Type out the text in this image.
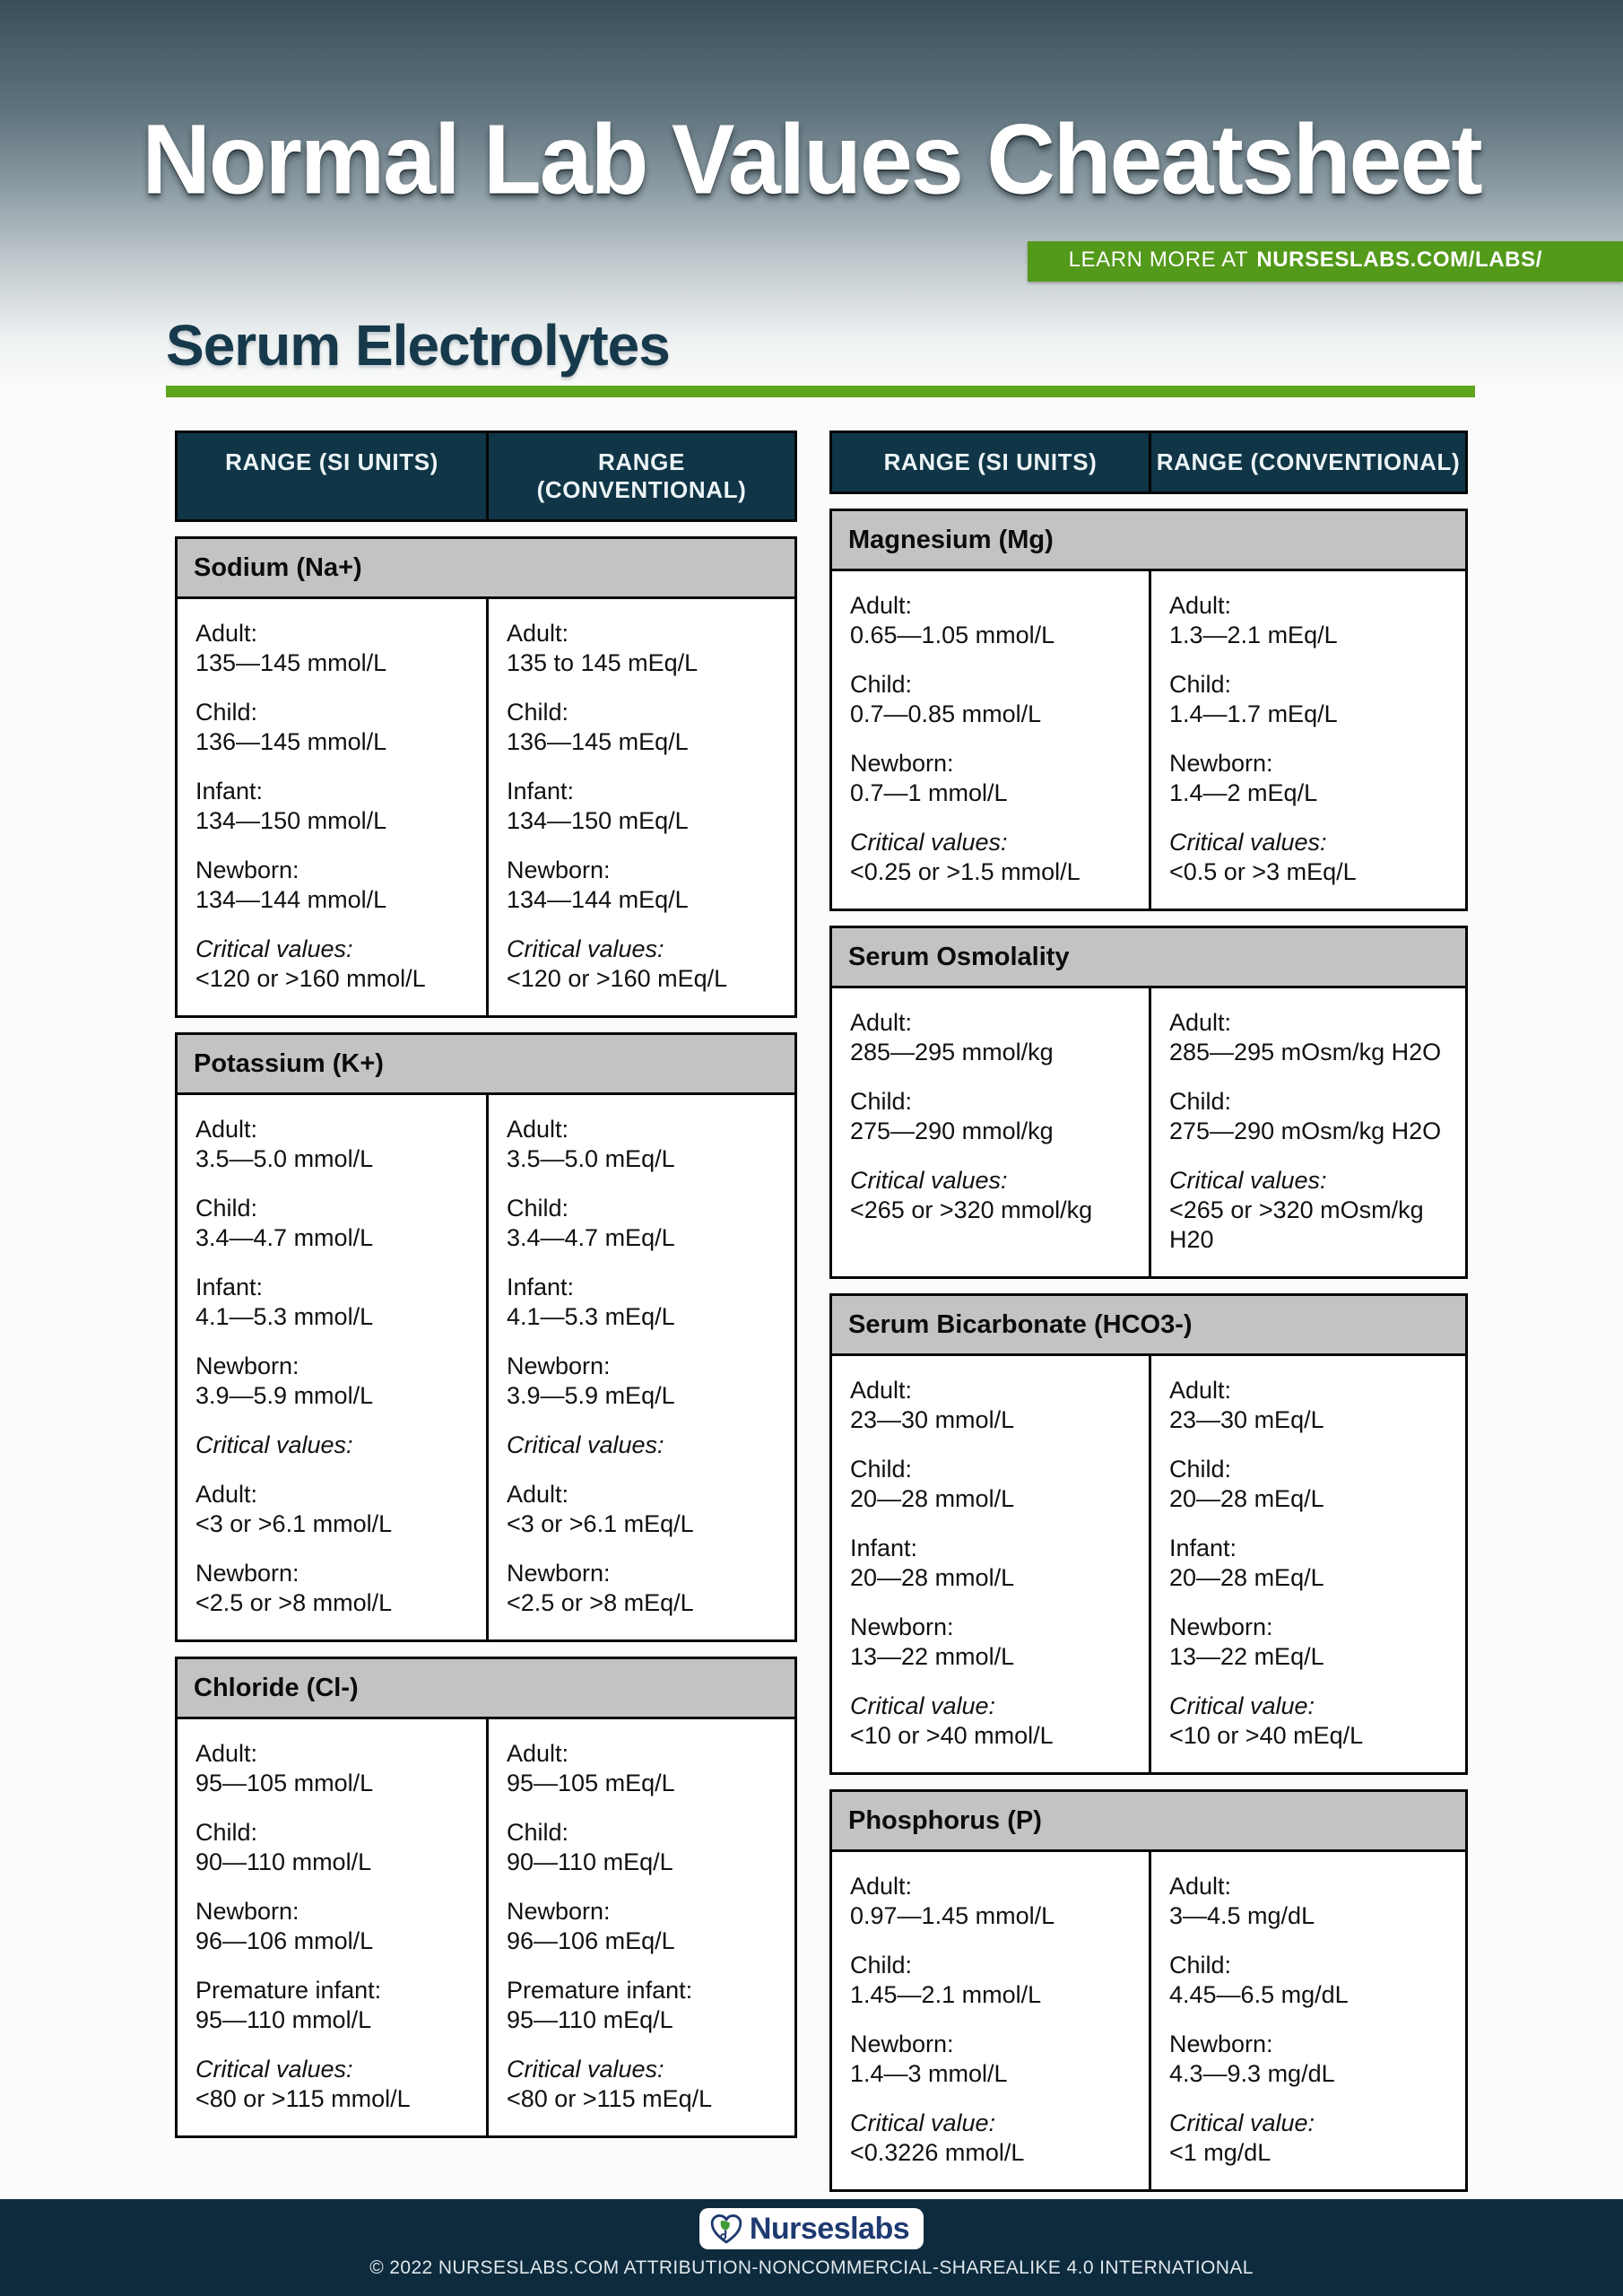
Normal Lab Values Cheatsheet
LEARN MORE AT NURSESLABS.COM/LABS/
Serum Electrolytes
RANGE (SI UNITS)	RANGE (CONVENTIONAL)
Sodium (Na+)
Adult:
135—145 mmol/L
Child:
136—145 mmol/L
Infant:
134—150 mmol/L
Newborn:
134—144 mmol/L
Critical values:
<120 or >160 mmol/L
Adult:
135 to 145 mEq/L
Child:
136—145 mEq/L
Infant:
134—150 mEq/L
Newborn:
134—144 mEq/L
Critical values:
<120 or >160 mEq/L
Potassium (K+)
Adult:
3.5—5.0 mmol/L
Child:
3.4—4.7 mmol/L
Infant:
4.1—5.3 mmol/L
Newborn:
3.9—5.9 mmol/L
Critical values:
Adult:
<3 or >6.1 mmol/L
Newborn:
<2.5 or >8 mmol/L
Adult:
3.5—5.0 mEq/L
Child:
3.4—4.7 mEq/L
Infant:
4.1—5.3 mEq/L
Newborn:
3.9—5.9 mEq/L
Critical values:
Adult:
<3 or >6.1 mEq/L
Newborn:
<2.5 or >8 mEq/L
Chloride (Cl-)
Adult:
95—105 mmol/L
Child:
90—110 mmol/L
Newborn:
96—106 mmol/L
Premature infant:
95—110 mmol/L
Critical values:
<80 or >115 mmol/L
Adult:
95—105 mEq/L
Child:
90—110 mEq/L
Newborn:
96—106 mEq/L
Premature infant:
95—110 mEq/L
Critical values:
<80 or >115 mEq/L
RANGE (SI UNITS)	RANGE (CONVENTIONAL)
Magnesium (Mg)
Adult:
0.65—1.05 mmol/L
Child:
0.7—0.85 mmol/L
Newborn:
0.7—1 mmol/L
Critical values:
<0.25 or >1.5 mmol/L
Adult:
1.3—2.1 mEq/L
Child:
1.4—1.7 mEq/L
Newborn:
1.4—2 mEq/L
Critical values:
<0.5 or >3 mEq/L
Serum Osmolality
Adult:
285—295 mmol/kg
Child:
275—290 mmol/kg
Critical values:
<265 or >320 mmol/kg
Adult:
285—295 mOsm/kg H2O
Child:
275—290 mOsm/kg H2O
Critical values:
<265 or >320 mOsm/kg H20
Serum Bicarbonate (HCO3-)
Adult:
23—30 mmol/L
Child:
20—28 mmol/L
Infant:
20—28 mmol/L
Newborn:
13—22 mmol/L
Critical value:
<10 or >40 mmol/L
Adult:
23—30 mEq/L
Child:
20—28 mEq/L
Infant:
20—28 mEq/L
Newborn:
13—22 mEq/L
Critical value:
<10 or >40 mEq/L
Phosphorus (P)
Adult:
0.97—1.45 mmol/L
Child:
1.45—2.1 mmol/L
Newborn:
1.4—3 mmol/L
Critical value:
<0.3226 mmol/L
Adult:
3—4.5 mg/dL
Child:
4.45—6.5 mg/dL
Newborn:
4.3—9.3 mg/dL
Critical value:
<1 mg/dL
Nurseslabs
© 2022 NURSESLABS.COM ATTRIBUTION-NONCOMMERCIAL-SHAREALIKE 4.0 INTERNATIONAL
